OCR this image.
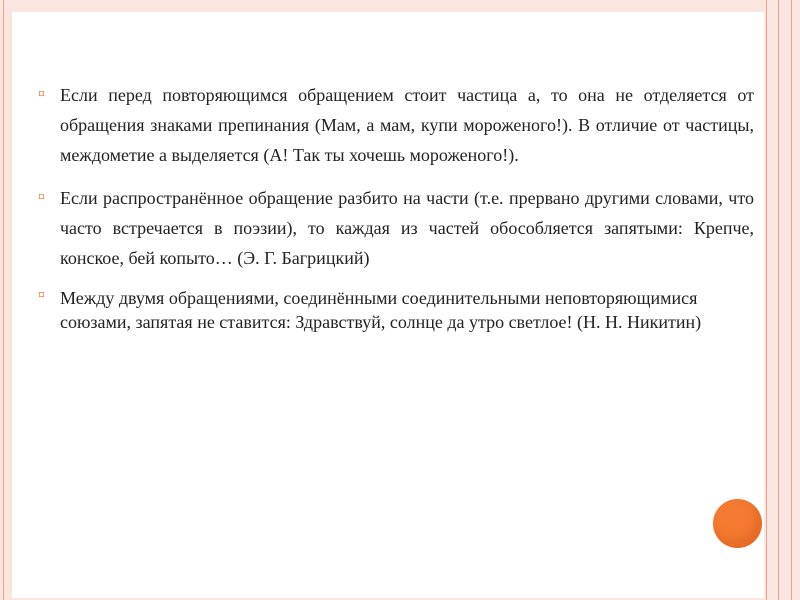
¤ Если перед повторяющимся обращением стоит частица а, то она не отделяется от обращения знаками препинания (Мам, а мам, купи мороженого!). В отличие от частицы, междометие а выделяется (А! Так ты хочешь мороженого!).
¤ Если распространённое обращение разбито на части (т.е. прервано другими словами, что часто встречается в поэзии), то каждая из частей обособляется запятыми: Крепче, конское, бей копыто… (Э. Г. Багрицкий)
¤ Между двумя обращениями, соединёнными соединительными неповторяющимися союзами, запятая не ставится: Здравствуй, солнце да утро светлое! (Н. Н. Никитин)
